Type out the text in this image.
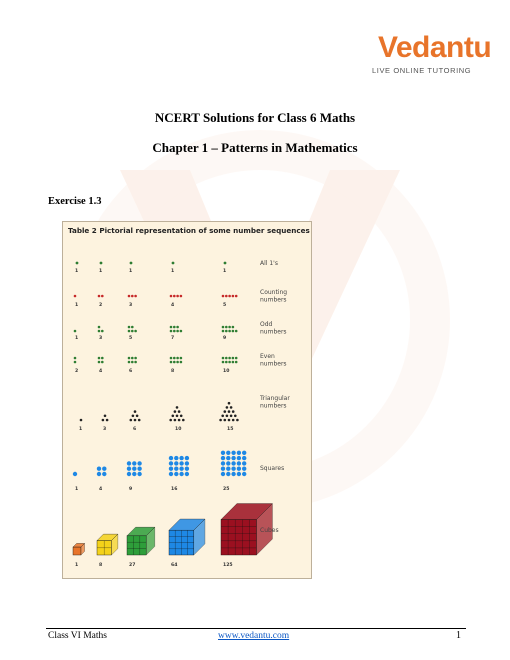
Vedantu
LIVE ONLINE TUTORING
NCERT Solutions for Class 6 Maths
Chapter 1 – Patterns in Mathematics
Exercise 1.3
1	1	1	1	1
All 1's
1	2	3	4	5
Counting
numbers
1	3	5	7	9
Odd
numbers
2	4	6	8	10
Even
numbers
1	3	6	10	15
Triangular
numbers
1	4	9	16	25
Squares
1	8	27	64	125
Cubes
Table 2 Pictorial representation of some number sequences
Class VI Maths	www.vedantu.com	1
